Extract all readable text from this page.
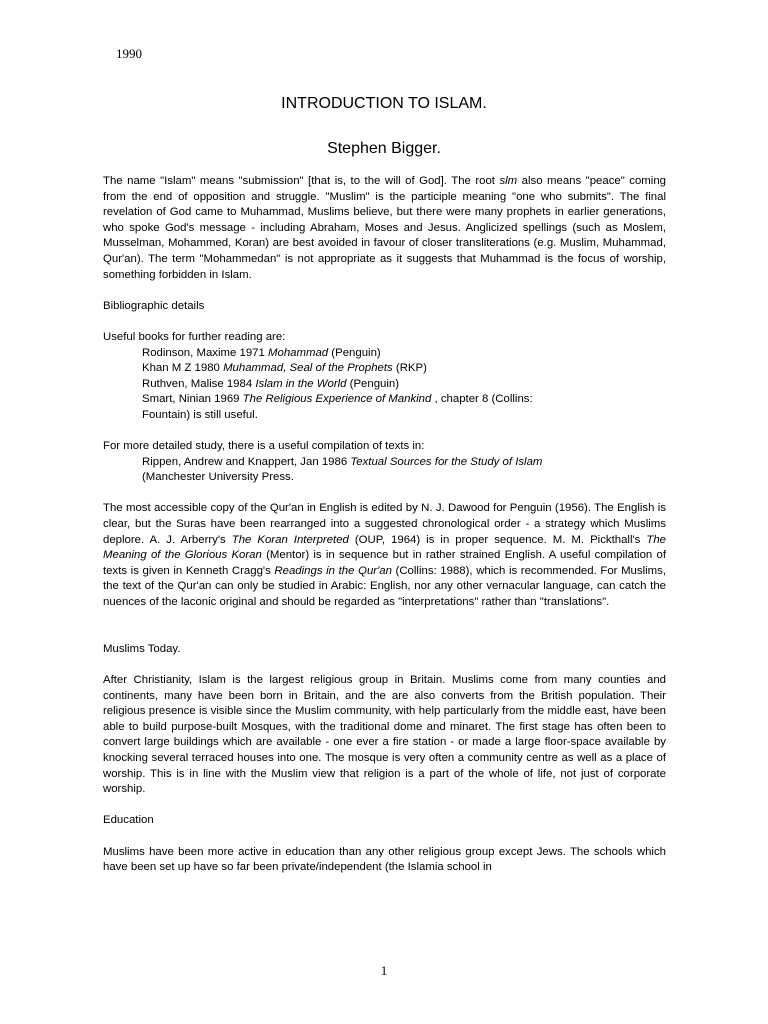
1990
INTRODUCTION TO ISLAM.
Stephen Bigger.

The name "Islam" means "submission" [that is, to the will of God]. The root slm also means "peace" coming from the end of opposition and struggle. "Muslim" is the participle meaning "one who submits". The final revelation of God came to Muhammad, Muslims believe, but there were many prophets in earlier generations, who spoke God's message - including Abraham, Moses and Jesus. Anglicized spellings (such as Moslem, Musselman, Mohammed, Koran) are best avoided in favour of closer transliterations (e.g. Muslim, Muhammad, Qur'an). The term "Mohammedan" is not appropriate as it suggests that Muhammad is the focus of worship, something forbidden in Islam.

Bibliographic details

Useful books for further reading are:

Rodinson, Maxime 1971 Mohammad (Penguin)

Khan M Z 1980 Muhammad, Seal of the Prophets (RKP)

Ruthven, Malise 1984 Islam in the World (Penguin)

Smart, Ninian 1969 The Religious Experience of Mankind , chapter 8 (Collins:

Fountain) is still useful.

For more detailed study, there is a useful compilation of texts in:

Rippen, Andrew and Knappert, Jan 1986 Textual Sources for the Study of Islam

(Manchester University Press.

The most accessible copy of the Qur'an in English is edited by N. J. Dawood for Penguin (1956). The English is clear, but the Suras have been rearranged into a suggested chronological order - a strategy which Muslims deplore. A. J. Arberry's The Koran Interpreted (OUP, 1964) is in proper sequence. M. M. Pickthall's The Meaning of the Glorious Koran (Mentor) is in sequence but in rather strained English. A useful compilation of texts is given in Kenneth Cragg's Readings in the Qur'an (Collins: 1988), which is recommended. For Muslims, the text of the Qur'an can only be studied in Arabic: English, nor any other vernacular language, can catch the nuences of the laconic original and should be regarded as "interpretations" rather than "translations".

Muslims Today.

After Christianity, Islam is the largest religious group in Britain. Muslims come from many counties and continents, many have been born in Britain, and the are also converts from the British population. Their religious presence is visible since the Muslim community, with help particularly from the middle east, have been able to build purpose-built Mosques, with the traditional dome and minaret. The first stage has often been to convert large buildings which are available - one ever a fire station - or made a large floor-space available by knocking several terraced houses into one. The mosque is very often a community centre as well as a place of worship. This is in line with the Muslim view that religion is a part of the whole of life, not just of corporate worship.

Education

Muslims have been more active in education than any other religious group except Jews. The schools which have been set up have so far been private/independent (the Islamia school in

1
